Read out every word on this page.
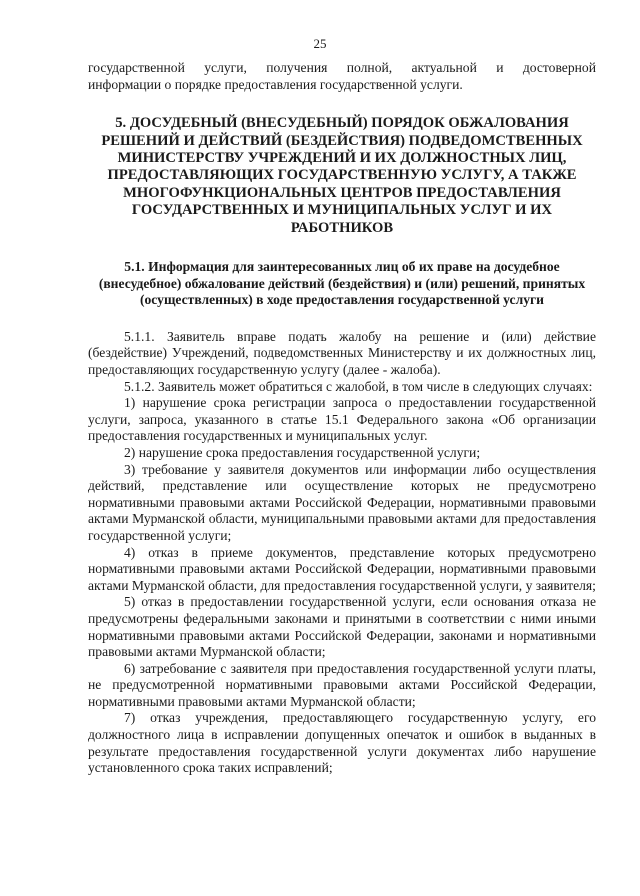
25

государственной услуги, получения полной, актуальной и достоверной

информации о порядке предоставления государственной услуги.

5. ДОСУДЕБНЫЙ (ВНЕСУДЕБНЫЙ) ПОРЯДОК ОБЖАЛОВАНИЯ РЕШЕНИЙ И ДЕЙСТВИЙ (БЕЗДЕЙСТВИЯ) ПОДВЕДОМСТВЕННЫХ МИНИСТЕРСТВУ УЧРЕЖДЕНИЙ И ИХ ДОЛЖНОСТНЫХ ЛИЦ, ПРЕДОСТАВЛЯЮЩИХ ГОСУДАРСТВЕННУЮ УСЛУГУ, А ТАКЖЕ МНОГОФУНКЦИОНАЛЬНЫХ ЦЕНТРОВ ПРЕДОСТАВЛЕНИЯ ГОСУДАРСТВЕННЫХ И МУНИЦИПАЛЬНЫХ УСЛУГ И ИХ РАБОТНИКОВ
5.1. Информация для заинтересованных лиц об их праве на досудебное (внесудебное) обжалование действий (бездействия) и (или) решений, принятых (осуществленных) в ходе предоставления государственной услуги

5.1.1. Заявитель вправе подать жалобу на решение и (или) действие (бездействие) Учреждений, подведомственных Министерству и их должностных лиц, предоставляющих государственную услугу (далее - жалоба).

5.1.2. Заявитель может обратиться с жалобой, в том числе в следующих случаях:

1) нарушение срока регистрации запроса о предоставлении государственной услуги, запроса, указанного в статье 15.1 Федерального закона «Об организации предоставления государственных и муниципальных услуг.

2) нарушение срока предоставления государственной услуги;

3) требование у заявителя документов или информации либо осуществления действий, представление или осуществление которых не предусмотрено нормативными правовыми актами Российской Федерации, нормативными правовыми актами Мурманской области, муниципальными правовыми актами для предоставления государственной услуги;

4) отказ в приеме документов, представление которых предусмотрено нормативными правовыми актами Российской Федерации, нормативными правовыми актами Мурманской области, для предоставления государственной услуги, у заявителя;

5) отказ в предоставлении государственной услуги, если основания отказа не предусмотрены федеральными законами и принятыми в соответствии с ними иными нормативными правовыми актами Российской Федерации, законами и нормативными правовыми актами Мурманской области;

6) затребование с заявителя при предоставления государственной услуги платы, не предусмотренной нормативными правовыми актами Российской Федерации, нормативными правовыми актами Мурманской области;

7) отказ учреждения, предоставляющего государственную услугу, его должностного лица в исправлении допущенных опечаток и ошибок в выданных в результате предоставления государственной услуги документах либо нарушение установленного срока таких исправлений;
